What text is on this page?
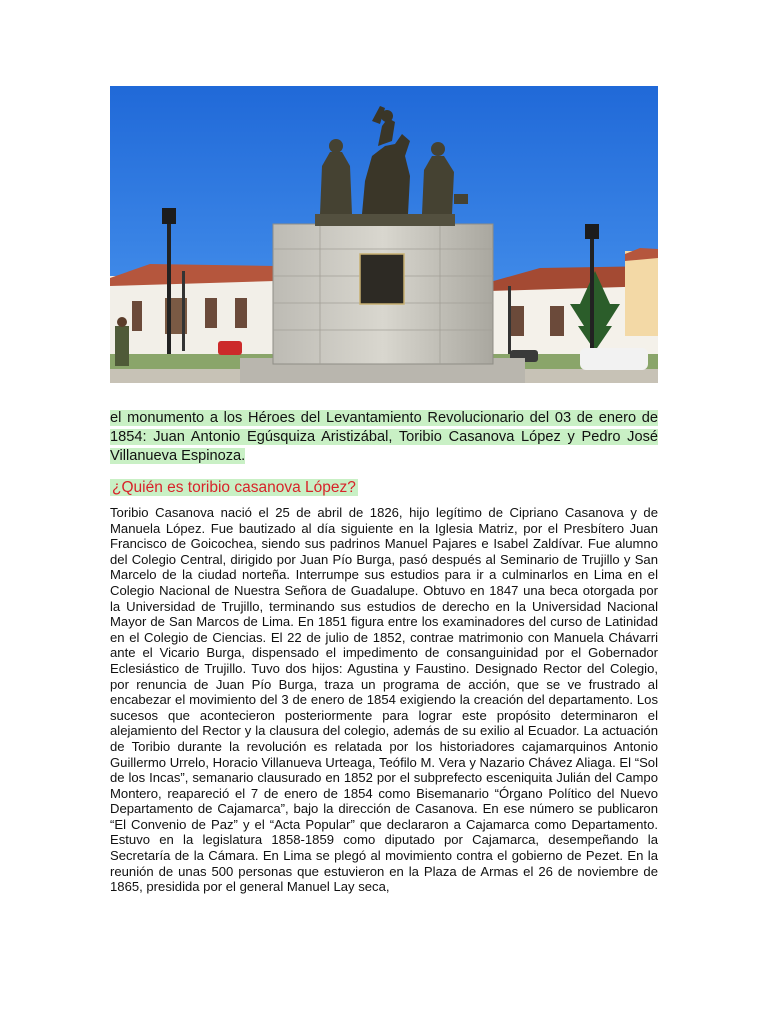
el monumento a los Héroes del Levantamiento Revolucionario del 03 de enero de 1854: Juan Antonio Egúsquiza Aristizábal, Toribio Casanova López y Pedro José Villanueva Espinoza.

¿Quién es toribio casanova López?

Toribio Casanova nació el 25 de abril de 1826, hijo legítimo de Cipriano Casanova y de Manuela López. Fue bautizado al día siguiente en la Iglesia Matriz, por el Presbítero Juan Francisco de Goicochea, siendo sus padrinos Manuel Pajares e Isabel Zaldívar. Fue alumno del Colegio Central, dirigido por Juan Pío Burga, pasó después al Seminario de Trujillo y San Marcelo de la ciudad norteña. Interrumpe sus estudios para ir a culminarlos en Lima en el Colegio Nacional de Nuestra Señora de Guadalupe. Obtuvo en 1847 una beca otorgada por la Universidad de Trujillo, terminando sus estudios de derecho en la Universidad Nacional Mayor de San Marcos de Lima. En 1851 figura entre los examinadores del curso de Latinidad en el Colegio de Ciencias. El 22 de julio de 1852, contrae matrimonio con Manuela Chávarri ante el Vicario Burga, dispensado el impedimento de consanguinidad por el Gobernador Eclesiástico de Trujillo. Tuvo dos hijos: Agustina y Faustino. Designado Rector del Colegio, por renuncia de Juan Pío Burga, traza un programa de acción, que se ve frustrado al encabezar el movimiento del 3 de enero de 1854 exigiendo la creación del departamento. Los sucesos que acontecieron posteriormente para lograr este propósito determinaron el alejamiento del Rector y la clausura del colegio, además de su exilio al Ecuador. La actuación de Toribio durante la revolución es relatada por los historiadores cajamarquinos Antonio Guillermo Urrelo, Horacio Villanueva Urteaga, Teófilo M. Vera y Nazario Chávez Aliaga. El “Sol de los Incas”, semanario clausurado en 1852 por el subprefecto esceniquita Julián del Campo Montero, reapareció el 7 de enero de 1854 como Bisemanario “Órgano Político del Nuevo Departamento de Cajamarca”, bajo la dirección de Casanova. En ese número se publicaron “El Convenio de Paz” y el “Acta Popular” que declararon a Cajamarca como Departamento. Estuvo en la legislatura 1858-1859 como diputado por Cajamarca, desempeñando la Secretaría de la Cámara. En Lima se plegó al movimiento contra el gobierno de Pezet. En la reunión de unas 500 personas que estuvieron en la Plaza de Armas el 26 de noviembre de 1865, presidida por el general Manuel Lay seca,
